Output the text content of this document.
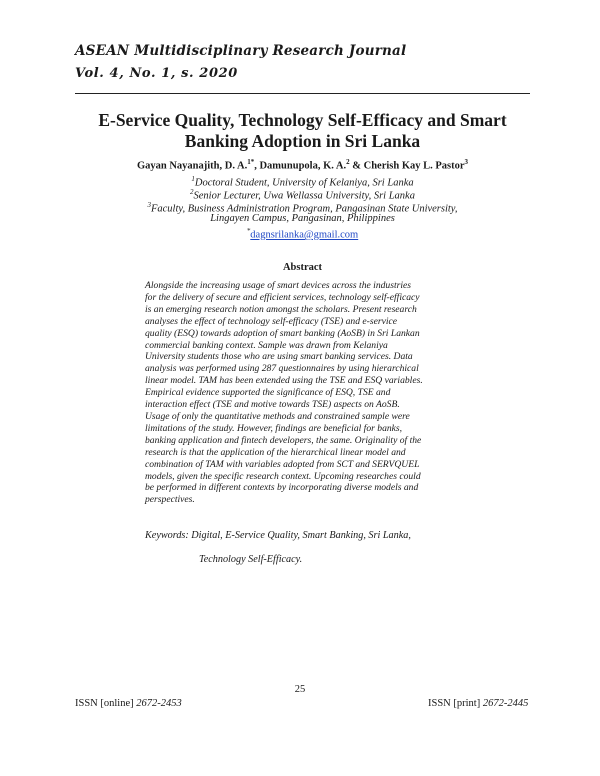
ASEAN Multidisciplinary Research Journal
Vol. 4, No. 1, s. 2020
E-Service Quality, Technology Self-Efficacy and Smart
Banking Adoption in Sri Lanka
Gayan Nayanajith, D. A.$^{1*}$, Damunupola, K. A.$^2$ & Cherish Kay L. Pastor$^3$
$^1$Doctoral Student, University of Kelaniya, Sri Lanka
$^2$Senior Lecturer, Uwa Wellassa University, Sri Lanka
$^3$Faculty, Business Administration Program, Pangasinan State University,
Lingayen Campus, Pangasinan, Philippines
*dagnsrilanka@gmail.com
Abstract
Alongside the increasing usage of smart devices across the industries
for the delivery of secure and efficient services, technology self-efficacy
is an emerging research notion amongst the scholars. Present research
analyses the effect of technology self-efficacy (TSE) and e-service
quality (ESQ) towards adoption of smart banking (AoSB) in Sri Lankan
commercial banking context. Sample was drawn from Kelaniya
University students those who are using smart banking services. Data
analysis was performed using 287 questionnaires by using hierarchical
linear model. TAM has been extended using the TSE and ESQ variables.
Empirical evidence supported the significance of ESQ, TSE and
interaction effect (TSE and motive towards TSE) aspects on AoSB.
Usage of only the quantitative methods and constrained sample were
limitations of the study. However, findings are beneficial for banks,
banking application and fintech developers, the same. Originality of the
research is that the application of the hierarchical linear model and
combination of TAM with variables adopted from SCT and SERVQUEL
models, given the specific research context. Upcoming researches could
be performed in different contexts by incorporating diverse models and
perspectives.
Keywords: Digital, E-Service Quality, Smart Banking, Sri Lanka,
Technology Self-Efficacy.
25
ISSN [online] 2672-2453	ISSN [print] 2672-2445
